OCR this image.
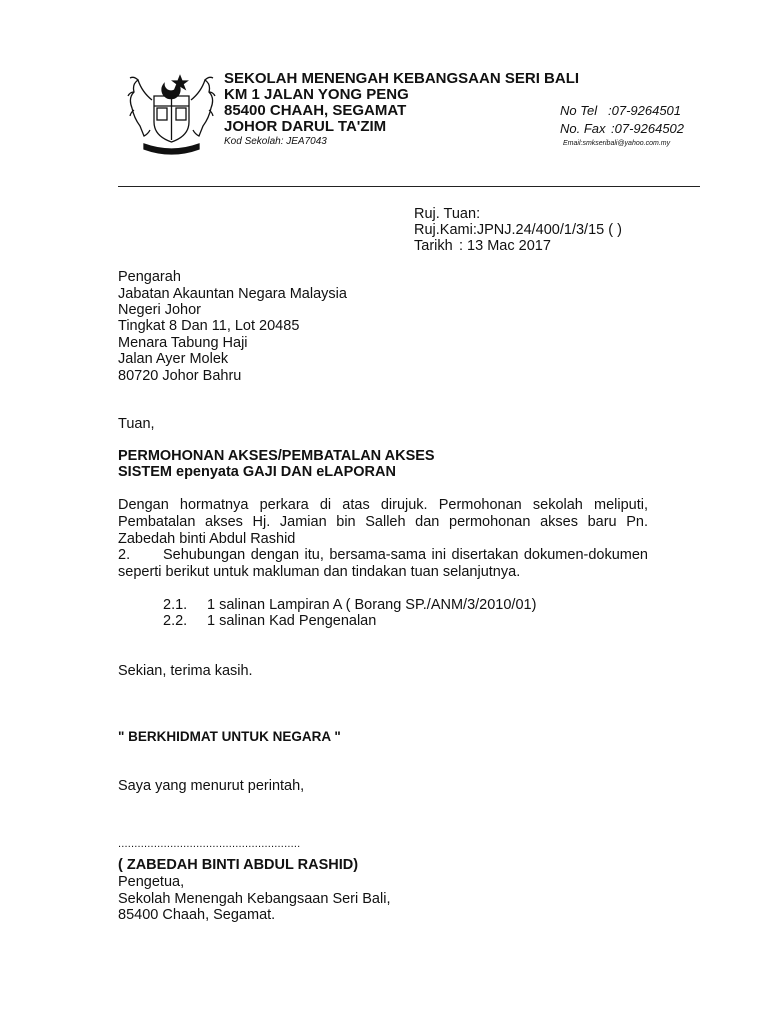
SEKOLAH MENENGAH KEBANGSAAN SERI BALI
KM 1 JALAN YONG PENG
85400 CHAAH, SEGAMAT
JOHOR DARUL TA'ZIM
Kod Sekolah: JEA7043
No Tel :07-9264501
No. Fax :07-9264502
Email:smkseribali@yahoo.com.my
Ruj. Tuan:
Ruj.Kami:JPNJ.24/400/1/3/15 ( )
Tarikh : 13 Mac 2017
Pengarah
Jabatan Akauntan Negara Malaysia
Negeri Johor
Tingkat 8 Dan 11, Lot 20485
Menara Tabung Haji
Jalan Ayer Molek
80720 Johor Bahru
Tuan,
PERMOHONAN AKSES/PEMBATALAN AKSES
SISTEM epenyata GAJI DAN eLAPORAN
Dengan hormatnya perkara di atas dirujuk. Permohonan sekolah meliputi, Pembatalan akses Hj. Jamian bin Salleh dan permohonan akses baru Pn. Zabedah binti Abdul Rashid
2. Sehubungan dengan itu, bersama-sama ini disertakan dokumen-dokumen seperti berikut untuk makluman dan tindakan tuan selanjutnya.
2.1. 1 salinan Lampiran A ( Borang SP./ANM/3/2010/01)
2.2. 1 salinan Kad Pengenalan
Sekian, terima kasih.
" BERKHIDMAT UNTUK NEGARA "
Saya yang menurut perintah,
........................................................
( ZABEDAH BINTI ABDUL RASHID)
Pengetua,
Sekolah Menengah Kebangsaan Seri Bali,
85400 Chaah, Segamat.
